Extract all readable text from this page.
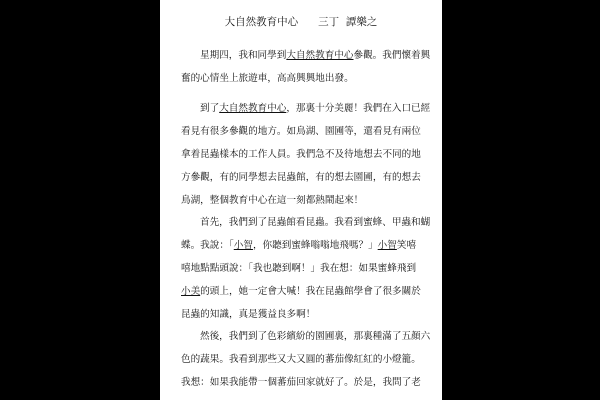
大自然教育中心 三丁  譚樂之
星期四，我和同學到大自然教育中心參觀。我們懷着興
奮的心情坐上旅遊車，高高興興地出發。
到了大自然教育中心，那裏十分美麗！我們在入口已經
看見有很多參觀的地方。如鳥湖、園圃等，還看見有兩位
拿着昆蟲樣本的工作人員。我們急不及待地想去不同的地
方參觀，有的同學想去昆蟲館，有的想去園圃，有的想去
鳥湖，整個教育中心在這一刻都熱鬧起來！
首先，我們到了昆蟲館看昆蟲。我看到蜜蜂、甲蟲和蝴
蝶。我說：「小智，你聽到蜜蜂嗡嗡地飛嗎？」小智笑嘻
嘻地點點頭說：「我也聽到啊！」我在想：如果蜜蜂飛到
小美的頭上，她一定會大喊！我在昆蟲館學會了很多關於
昆蟲的知識，真是獲益良多啊！
然後，我們到了色彩繽紛的園圃裏，那裏種滿了五顏六
色的蔬果。我看到那些又大又圓的蕃茄像紅紅的小燈籠。
我想：如果我能帶一個蕃茄回家就好了。於是，我問了老
